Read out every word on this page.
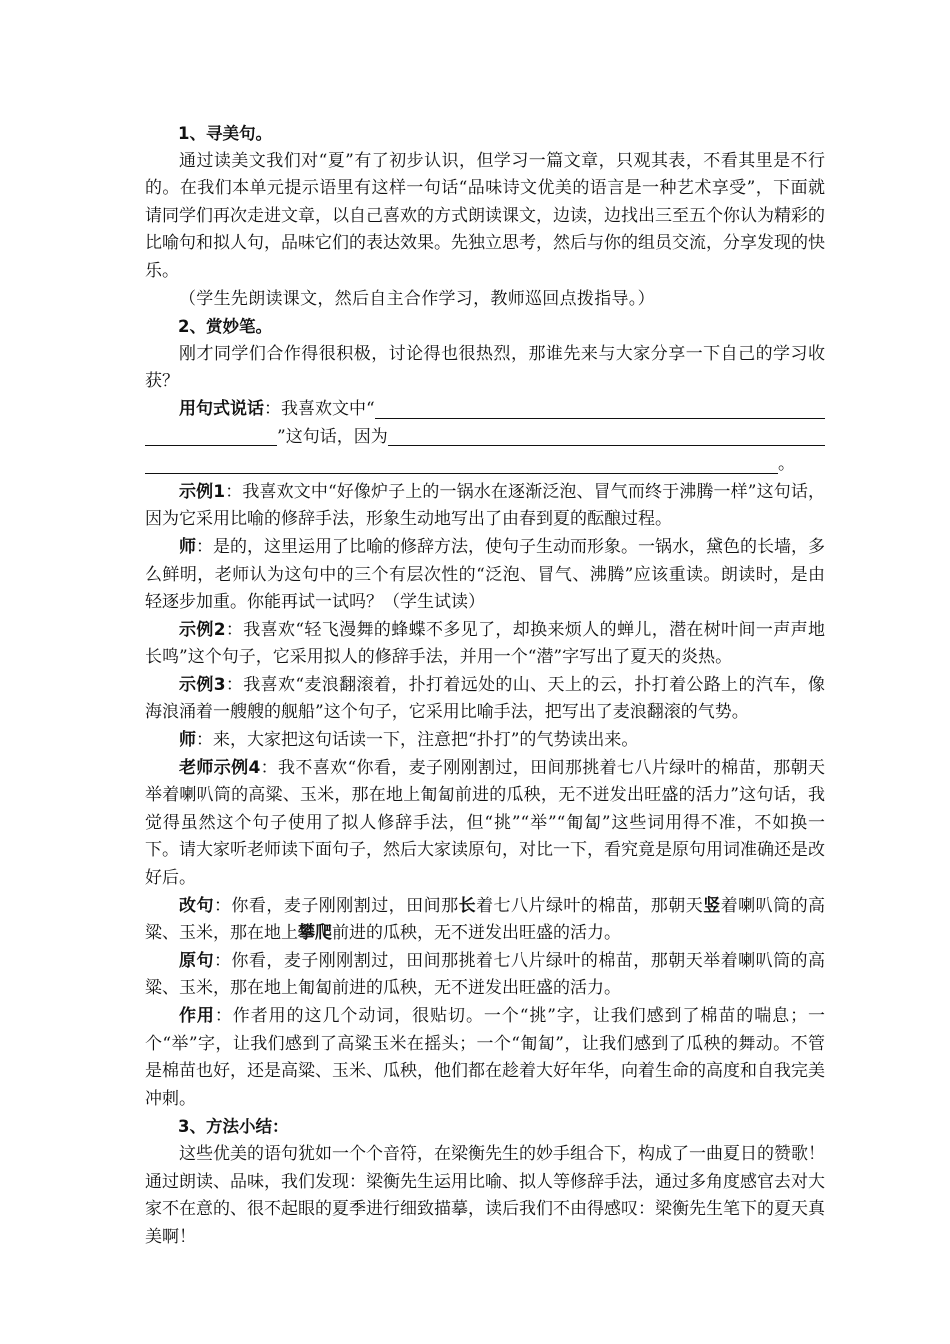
1、寻美句。

通过读美文我们对“夏”有了初步认识，但学习一篇文章，只观其表，不看其里是不行的。在我们本单元提示语里有这样一句话“品味诗文优美的语言是一种艺术享受”，下面就请同学们再次走进文章，以自己喜欢的方式朗读课文，边读，边找出三至五个你认为精彩的比喻句和拟人句，品味它们的表达效果。先独立思考，然后与你的组员交流，分享发现的快乐。

（学生先朗读课文，然后自主合作学习，教师巡回点拨指导。）

2、赏妙笔。

刚才同学们合作得很积极，讨论得也很热烈，那谁先来与大家分享一下自己的学习收获？

用句式说话 ： 我喜欢文中“
”这句话，因为
。

示例1：我喜欢文中“好像炉子上的一锅水在逐渐泛泡、冒气而终于沸腾一样”这句话，因为它采用比喻的修辞手法，形象生动地写出了由春到夏的酝酿过程。

师：是的，这里运用了比喻的修辞方法，使句子生动而形象。一锅水，黛色的长墙，多么鲜明，老师认为这句中的三个有层次性的“泛泡、冒气、沸腾”应该重读。朗读时，是由轻逐步加重。你能再试一试吗？（学生试读）

示例2：我喜欢“轻飞漫舞的蜂蝶不多见了，却换来烦人的蝉儿，潜在树叶间一声声地长鸣”这个句子，它采用拟人的修辞手法，并用一个“潜”字写出了夏天的炎热。

示例3：我喜欢“麦浪翻滚着，扑打着远处的山、天上的云，扑打着公路上的汽车，像海浪涌着一艘艘的舰船”这个句子，它采用比喻手法，把写出了麦浪翻滚的气势。

师：来，大家把这句话读一下，注意把“扑打”的气势读出来。

老师示例4：我不喜欢“你看，麦子刚刚割过，田间那挑着七八片绿叶的棉苗，那朝天举着喇叭筒的高粱、玉米，那在地上匍匐前进的瓜秧，无不迸发出旺盛的活力”这句话，我觉得虽然这个句子使用了拟人修辞手法，但“挑”“举”“匍匐”这些词用得不准，不如换一下。请大家听老师读下面句子，然后大家读原句，对比一下，看究竟是原句用词准确还是改好后。

改句：你看，麦子刚刚割过，田间那长着七八片绿叶的棉苗，那朝天竖着喇叭筒的高粱、玉米，那在地上攀爬前进的瓜秧，无不迸发出旺盛的活力。

原句：你看，麦子刚刚割过，田间那挑着七八片绿叶的棉苗，那朝天举着喇叭筒的高粱、玉米，那在地上匍匐前进的瓜秧，无不迸发出旺盛的活力。

作用：作者用的这几个动词，很贴切。一个“挑”字，让我们感到了棉苗的喘息；一个“举”字，让我们感到了高粱玉米在摇头；一个“匍匐”，让我们感到了瓜秧的舞动。不管是棉苗也好，还是高粱、玉米、瓜秧，他们都在趁着大好年华，向着生命的高度和自我完美冲刺。

3、方法小结：

这些优美的语句犹如一个个音符，在梁衡先生的妙手组合下，构成了一曲夏日的赞歌！通过朗读、品味，我们发现：梁衡先生运用比喻、拟人等修辞手法，通过多角度感官去对大家不在意的、很不起眼的夏季进行细致描摹，读后我们不由得感叹：梁衡先生笔下的夏天真美啊！
